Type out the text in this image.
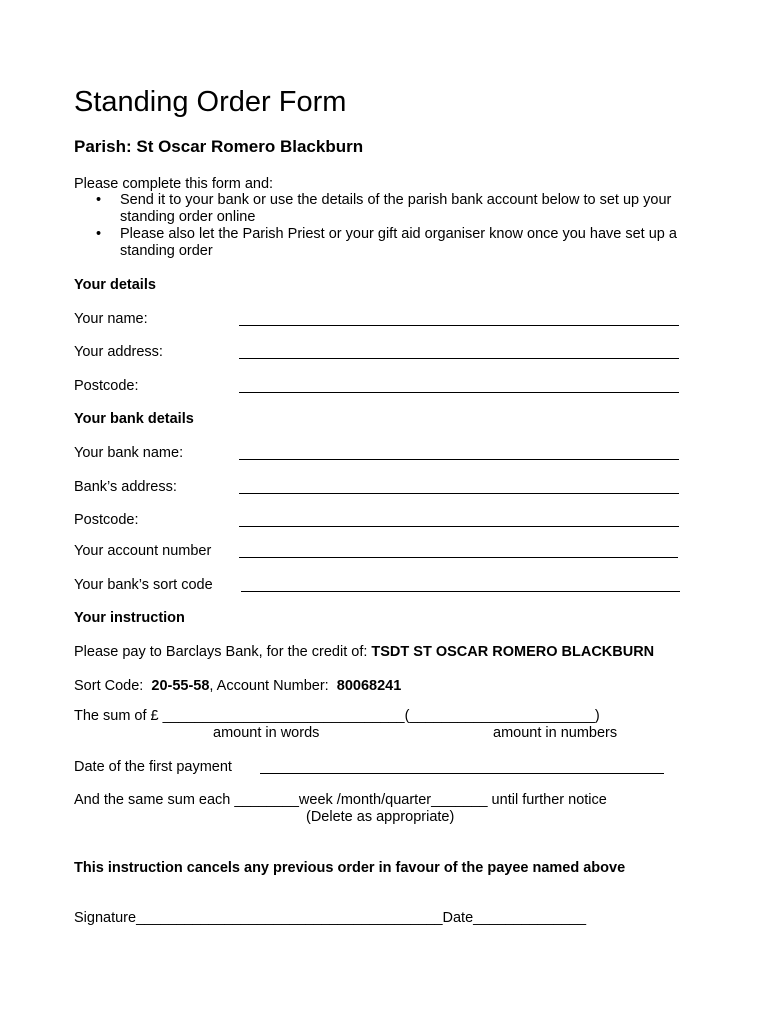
Standing Order Form
Parish: St Oscar Romero Blackburn
Please complete this form and:
• Send it to your bank or use the details of the parish bank account below to set up your standing order online
• Please also let the Parish Priest or your gift aid organiser know once you have set up a standing order
Your details
Your name:
Your address:
Postcode:
Your bank details
Your bank name:
Bank’s address:
Postcode:
Your account number
Your bank’s sort code
Your instruction
Please pay to Barclays Bank, for the credit of: TSDT ST OSCAR ROMERO BLACKBURN
Sort Code:  20-55-58, Account Number:  80068241
The sum of £ ______________________________(_______________________)
amount in words	amount in numbers
Date of the first payment
And the same sum each ________week /month/quarter_______ until further notice
(Delete as appropriate)
This instruction cancels any previous order in favour of the payee named above
Signature______________________________________Date______________
